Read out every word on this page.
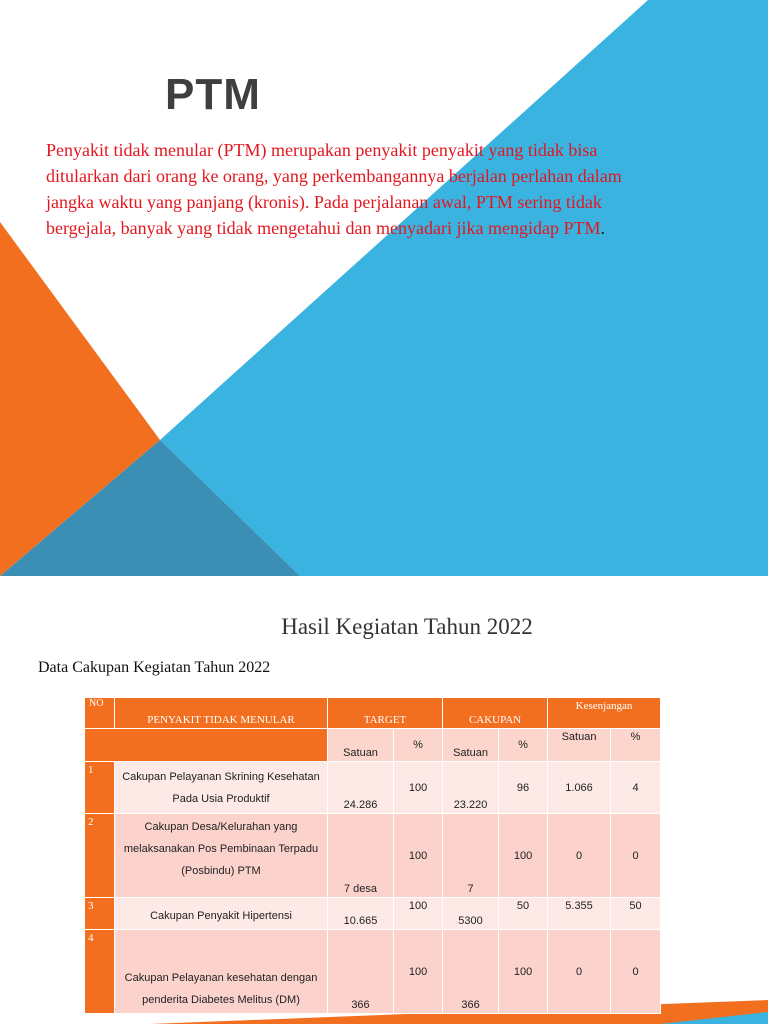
PTM

Penyakit tidak menular (PTM) merupakan penyakit penyakit yang tidak bisa ditularkan dari orang ke orang, yang perkembangannya berjalan perlahan dalam jangka waktu yang panjang (kronis). Pada perjalanan awal, PTM sering tidak bergejala, banyak yang tidak mengetahui dan menyadari jika mengidap PTM.

Hasil Kegiatan Tahun 2022

Data Cakupan Kegiatan Tahun 2022

NO	PENYAKIT TIDAK MENULAR	TARGET		CAKUPAN		Kesenjangan	
		Satuan	%	Satuan	%	Satuan	%
1	Cakupan Pelayanan Skrining Kesehatan Pada Usia Produktif	24.286	100	23.220	96	1.066	4
2	Cakupan Desa/Kelurahan yang melaksanakan Pos Pembinaan Terpadu (Posbindu) PTM	7 desa	100	7	100	0	0
3	Cakupan Penyakit Hipertensi	10.665	100	5300	50	5.355	50
4	Cakupan Pelayanan kesehatan dengan penderita Diabetes Melitus (DM)	366	100	366	100	0	0
